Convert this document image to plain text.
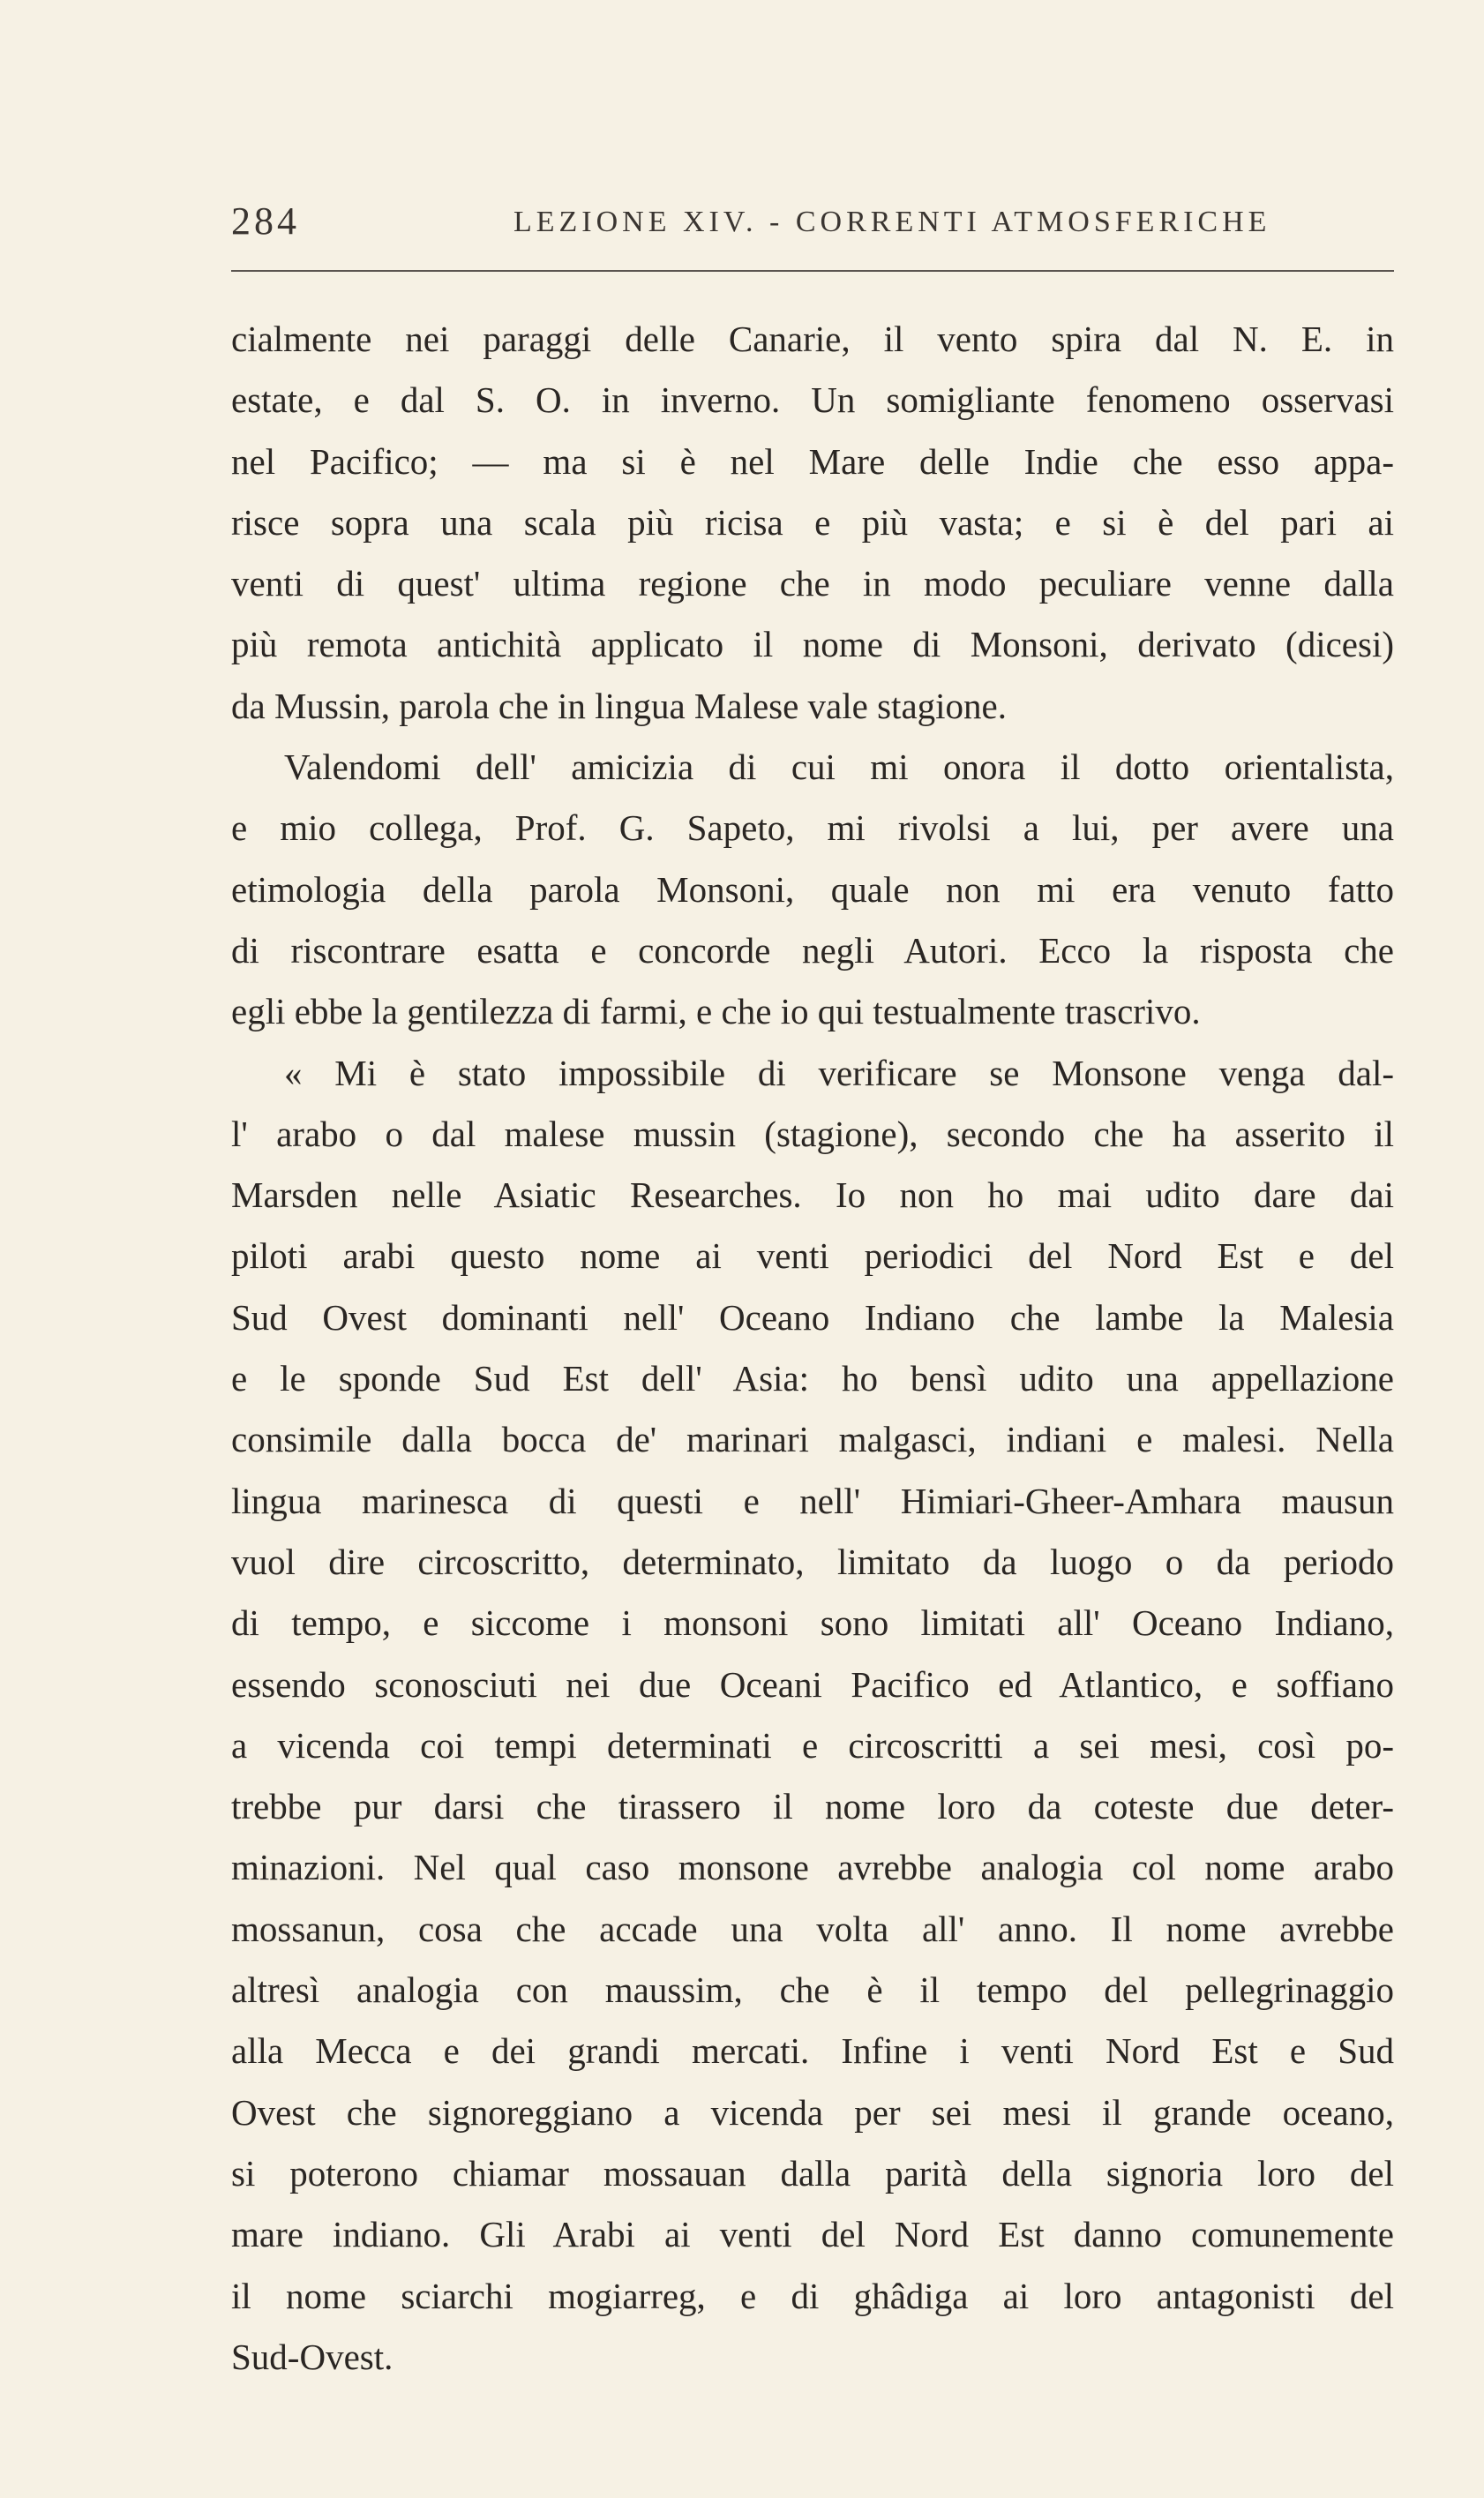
284	LEZIONE XIV. - CORRENTI ATMOSFERICHE
cialmente nei paraggi delle Canarie, il vento spira dal N. E. in
estate, e dal S. O. in inverno. Un somigliante fenomeno osservasi
nel Pacifico; — ma si è nel Mare delle Indie che esso appa-
risce sopra una scala più ricisa e più vasta; e si è del pari ai
venti di quest' ultima regione che in modo peculiare venne dalla
più remota antichità applicato il nome di Monsoni, derivato (dicesi)
da Mussin, parola che in lingua Malese vale stagione.
Valendomi dell' amicizia di cui mi onora il dotto orientalista,
e mio collega, Prof. G. Sapeto, mi rivolsi a lui, per avere una
etimologia della parola Monsoni, quale non mi era venuto fatto
di riscontrare esatta e concorde negli Autori. Ecco la risposta che
egli ebbe la gentilezza di farmi, e che io qui testualmente trascrivo.
« Mi è stato impossibile di verificare se Monsone venga dal-
l' arabo o dal malese mussin (stagione), secondo che ha asserito il
Marsden nelle Asiatic Researches. Io non ho mai udito dare dai
piloti arabi questo nome ai venti periodici del Nord Est e del
Sud Ovest dominanti nell' Oceano Indiano che lambe la Malesia
e le sponde Sud Est dell' Asia: ho bensì udito una appellazione
consimile dalla bocca de' marinari malgasci, indiani e malesi. Nella
lingua marinesca di questi e nell' Himiari-Gheer-Amhara mausun
vuol dire circoscritto, determinato, limitato da luogo o da periodo
di tempo, e siccome i monsoni sono limitati all' Oceano Indiano,
essendo sconosciuti nei due Oceani Pacifico ed Atlantico, e soffiano
a vicenda coi tempi determinati e circoscritti a sei mesi, così po-
trebbe pur darsi che tirassero il nome loro da coteste due deter-
minazioni. Nel qual caso monsone avrebbe analogia col nome arabo
mossanun, cosa che accade una volta all' anno. Il nome avrebbe
altresì analogia con maussim, che è il tempo del pellegrinaggio
alla Mecca e dei grandi mercati. Infine i venti Nord Est e Sud
Ovest che signoreggiano a vicenda per sei mesi il grande oceano,
si poterono chiamar mossauan dalla parità della signoria loro del
mare indiano. Gli Arabi ai venti del Nord Est danno comunemente
il nome sciarchi mogiarreg, e di ghâdiga ai loro antagonisti del
Sud-Ovest.
